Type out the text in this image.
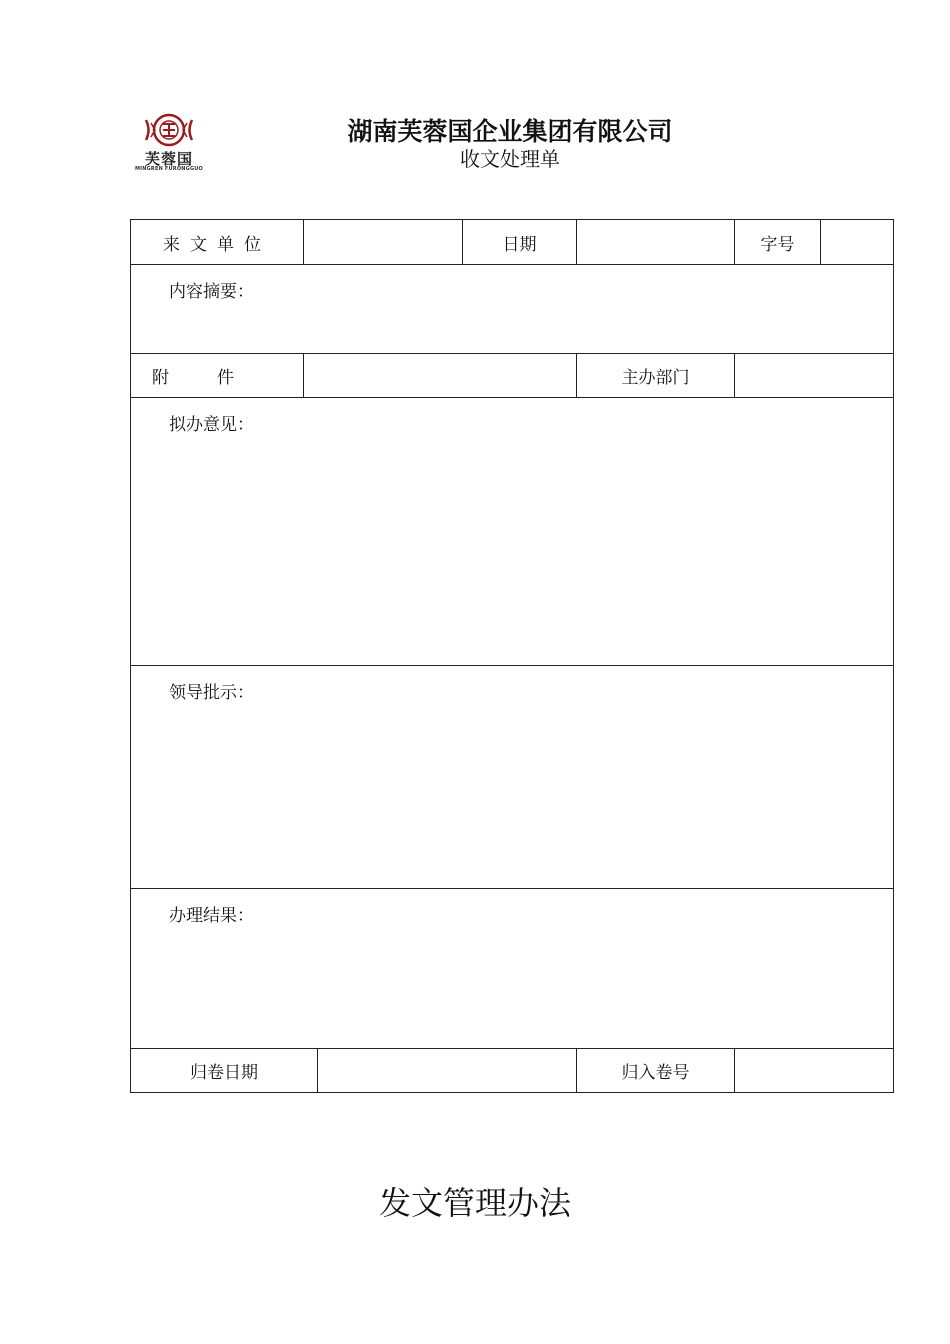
芙蓉国
MINGREN FURONGGUO
湖南芙蓉国企业集团有限公司
收文处理单
来文单位			日期		字号	
内容摘要：						
附件				主办部门		
拟办意见：						
领导批示：						
办理结果：						
归卷日期				归入卷号		
发文管理办法
